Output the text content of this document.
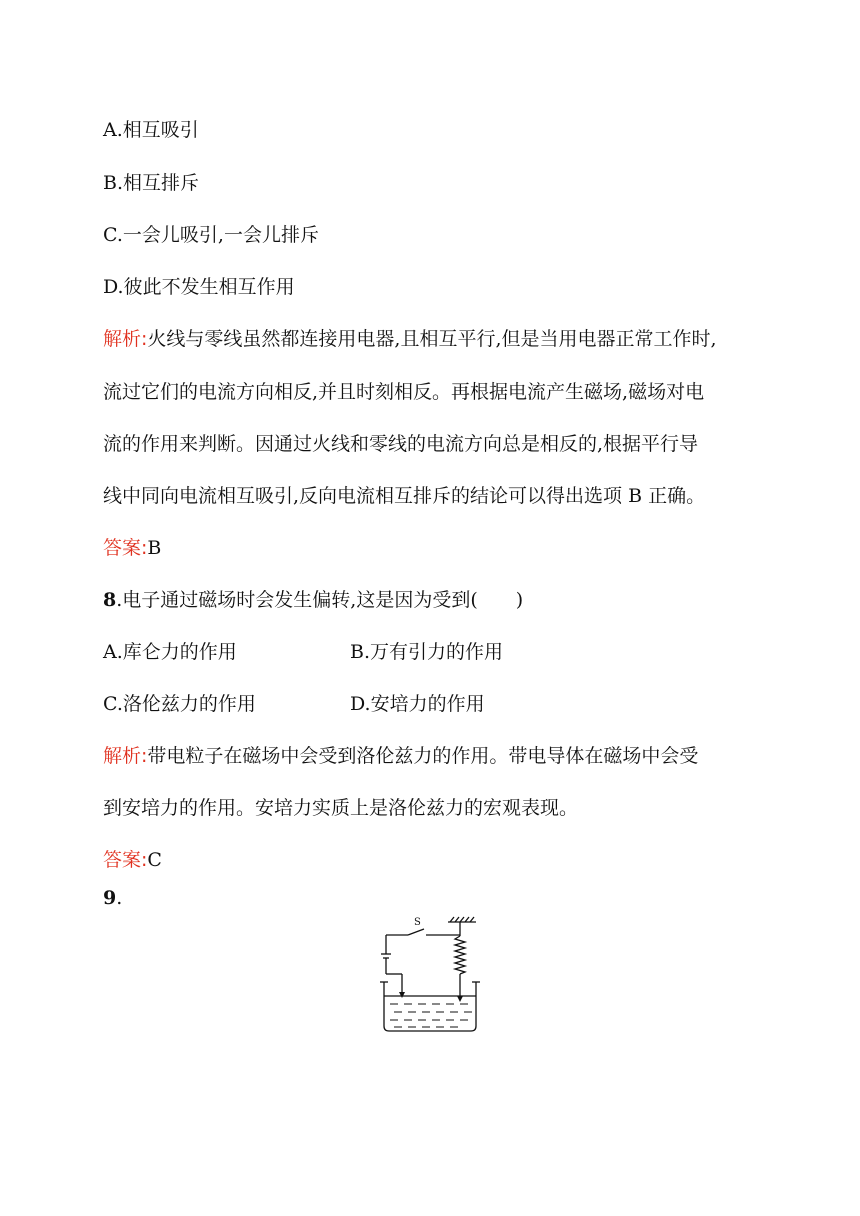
A.相互吸引
B.相互排斥
C.一会儿吸引,一会儿排斥
D.彼此不发生相互作用
解析:火线与零线虽然都连接用电器,且相互平行,但是当用电器正常工作时,
流过它们的电流方向相反,并且时刻相反。再根据电流产生磁场,磁场对电
流的作用来判断。因通过火线和零线的电流方向总是相反的,根据平行导
线中同向电流相互吸引,反向电流相互排斥的结论可以得出选项 B 正确。
答案:B
8.电子通过磁场时会发生偏转,这是因为受到(　　)
A.库仑力的作用	B.万有引力的作用
C.洛伦兹力的作用	D.安培力的作用
解析:带电粒子在磁场中会受到洛伦兹力的作用。带电导体在磁场中会受
到安培力的作用。安培力实质上是洛伦兹力的宏观表现。
答案:C
9.
S
